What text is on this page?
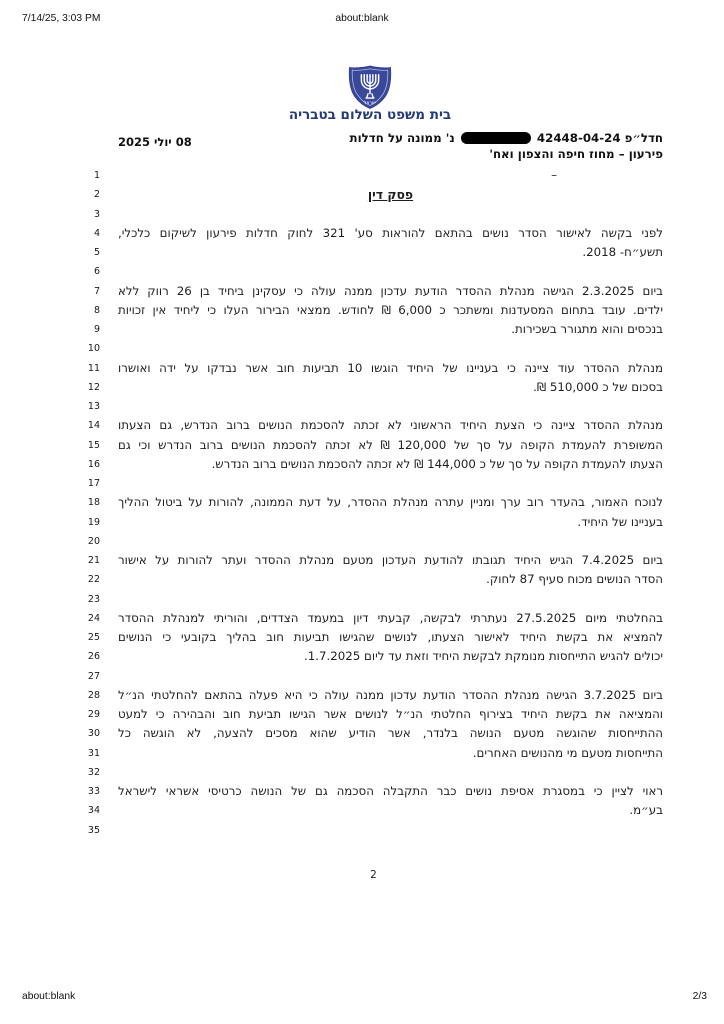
7/14/25, 3:03 PM	about:blank
ישראל
בית משפט השלום בטבריה
חדל״פ 42448-04-24  נ' ממונה על חדלות
פירעון – מחוז חיפה והצפון ואח'
08 יולי 2025
1	–
2	פסק דין
3
4 לפני בקשה לאישור הסדר נושים בהתאם להוראות סע' 321 לחוק חדלות פירעון לשיקום כלכלי,
5	תשע״ח- 2018.
6
7 ביום 2.3.2025 הגישה מנהלת ההסדר הודעת עדכון ממנה עולה כי עסקינן ביחיד בן 26 רווק ללא
8 ילדים. עובד בתחום המסעדנות ומשתכר כ 6,000 ₪ לחודש. ממצאי הבירור העלו כי ליחיד אין זכויות
9	בנכסים והוא מתגורר בשכירות.
10
11 מנהלת ההסדר עוד ציינה כי בעניינו של היחיד הוגשו 10 תביעות חוב אשר נבדקו על ידה ואושרו
12	בסכום של כ 510,000 ₪.
13
14 מנהלת ההסדר ציינה כי הצעת היחיד הראשוני לא זכתה להסכמת הנושים ברוב הנדרש, גם הצעתו
15 המשופרת להעמדת הקופה על סך של 120,000 ₪ לא זכתה להסכמת הנושים ברוב הנדרש וכי גם
16	הצעתו להעמדת הקופה על סך של כ 144,000 ₪ לא זכתה להסכמת הנושים ברוב הנדרש.
17
18 לנוכח האמור, בהעדר רוב ערך ומניין עתרה מנהלת ההסדר, על דעת הממונה, להורות על ביטול ההליך
19	בעניינו של היחיד.
20
21 ביום 7.4.2025 הגיש היחיד תגובתו להודעת העדכון מטעם מנהלת ההסדר ועתר להורות על אישור
22	הסדר הנושים מכוח סעיף 87 לחוק.
23
24 בהחלטתי מיום 27.5.2025 נעתרתי לבקשה, קבעתי דיון במעמד הצדדים, והוריתי למנהלת ההסדר
25 להמציא את בקשת היחיד לאישור הצעתו, לנושים שהגישו תביעות חוב בהליך בקובעי כי הנושים
26	יכולים להגיש התייחסות מנומקת לבקשת היחיד וזאת עד ליום 1.7.2025.
27
28 ביום 3.7.2025 הגישה מנהלת ההסדר הודעת עדכון ממנה עולה כי היא פעלה בהתאם להחלטתי הנ״ל
29 והמציאה את בקשת היחיד בצירוף החלטתי הנ״ל לנושים אשר הגישו תביעת חוב והבהירה כי למעט
30 ההתייחסות שהוגשה מטעם הנושה בלנדר, אשר הודיע שהוא מסכים להצעה, לא הוגשה כל
31	התייחסות מטעם מי מהנושים האחרים.
32
33 ראוי לציין כי במסגרת אסיפת נושים כבר התקבלה הסכמה גם של הנושה כרטיסי אשראי לישראל
34	בע״מ.
35
2
about:blank	2/3
